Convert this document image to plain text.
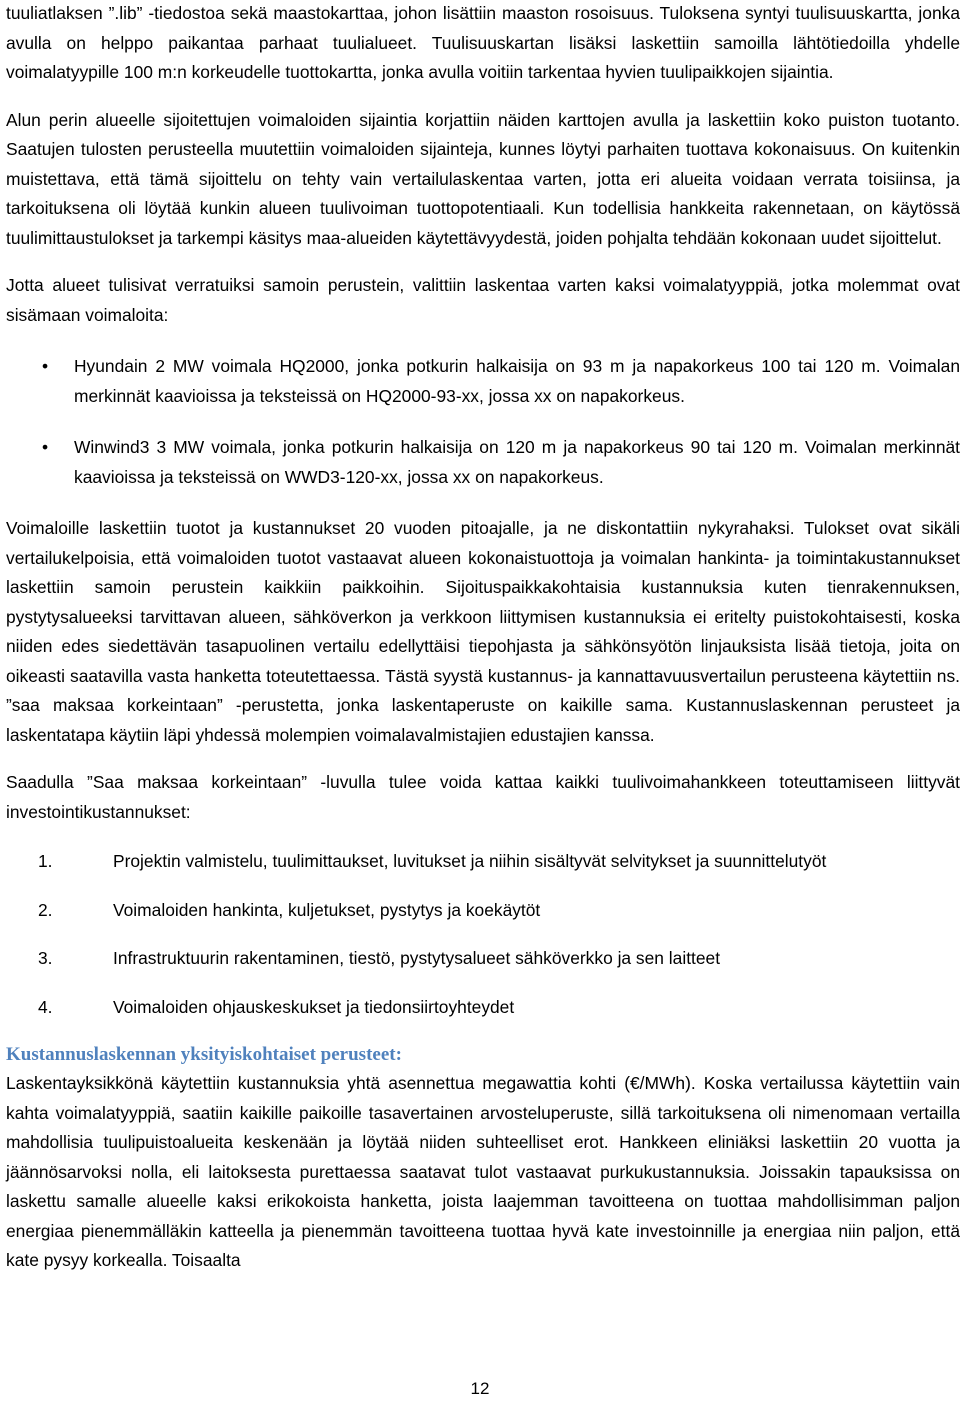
tuuliatlaksen ”.lib” -tiedostoa sekä maastokarttaa, johon lisättiin maaston rosoisuus. Tuloksena syntyi tuulisuuskartta, jonka avulla on helppo paikantaa parhaat tuulialueet. Tuulisuuskartan lisäksi laskettiin samoilla lähtötiedoilla yhdelle voimalatyypille 100 m:n korkeudelle tuottokartta, jonka avulla voitiin tarkentaa hyvien tuulipaikkojen sijaintia.

Alun perin alueelle sijoitettujen voimaloiden sijaintia korjattiin näiden karttojen avulla ja laskettiin koko puiston tuotanto. Saatujen tulosten perusteella muutettiin voimaloiden sijainteja, kunnes löytyi parhaiten tuottava kokonaisuus. On kuitenkin muistettava, että tämä sijoittelu on tehty vain vertailulaskentaa varten, jotta eri alueita voidaan verrata toisiinsa, ja tarkoituksena oli löytää kunkin alueen tuulivoiman tuottopotentiaali. Kun todellisia hankkeita rakennetaan, on käytössä tuulimittaustulokset ja tarkempi käsitys maa-alueiden käytettävyydestä, joiden pohjalta tehdään kokonaan uudet sijoittelut.

Jotta alueet tulisivat verratuiksi samoin perustein, valittiin laskentaa varten kaksi voimalatyyppiä, jotka molemmat ovat sisämaan voimaloita:

•	Hyundain 2 MW voimala HQ2000, jonka potkurin halkaisija on 93 m ja napakorkeus 100 tai 120 m. Voimalan merkinnät kaavioissa ja teksteissä on HQ2000-93-xx, jossa xx on napakorkeus.
•	Winwind3 3 MW voimala, jonka potkurin halkaisija on 120 m ja napakorkeus 90 tai 120 m. Voimalan merkinnät kaavioissa ja teksteissä on WWD3-120-xx, jossa xx on napakorkeus.

Voimaloille laskettiin tuotot ja kustannukset 20 vuoden pitoajalle, ja ne diskontattiin nykyrahaksi. Tulokset ovat sikäli vertailukelpoisia, että voimaloiden tuotot vastaavat alueen kokonaistuottoja ja voimalan hankinta- ja toimintakustannukset laskettiin samoin perustein kaikkiin paikkoihin. Sijoituspaikkakohtaisia kustannuksia kuten tienrakennuksen, pystytysalueeksi tarvittavan alueen, sähköverkon ja verkkoon liittymisen kustannuksia ei eritelty puistokohtaisesti, koska niiden edes siedettävän tasapuolinen vertailu edellyttäisi tiepohjasta ja sähkönsyötön linjauksista lisää tietoja, joita on oikeasti saatavilla vasta hanketta toteutettaessa. Tästä syystä kustannus- ja kannattavuusvertailun perusteena käytettiin ns. ”saa maksaa korkeintaan” -perustetta, jonka laskentaperuste on kaikille sama. Kustannuslaskennan perusteet ja laskentatapa käytiin läpi yhdessä molempien voimalavalmistajien edustajien kanssa.

Saadulla ”Saa maksaa korkeintaan” -luvulla tulee voida kattaa kaikki tuulivoimahankkeen toteuttamiseen liittyvät investointikustannukset:

1.	Projektin valmistelu, tuulimittaukset, luvitukset ja niihin sisältyvät selvitykset ja suunnittelutyöt
2.	Voimaloiden hankinta, kuljetukset, pystytys ja koekäytöt
3.	Infrastruktuurin rakentaminen, tiestö, pystytysalueet sähköverkko ja sen laitteet
4.	Voimaloiden ohjauskeskukset ja tiedonsiirtoyhteydet
Kustannuslaskennan yksityiskohtaiset perusteet:

Laskentayksikkönä käytettiin kustannuksia yhtä asennettua megawattia kohti (€/MWh). Koska vertailussa käytettiin vain kahta voimalatyyppiä, saatiin kaikille paikoille tasavertainen arvosteluperuste, sillä tarkoituksena oli nimenomaan vertailla mahdollisia tuulipuistoalueita keskenään ja löytää niiden suhteelliset erot. Hankkeen eliniäksi laskettiin 20 vuotta ja jäännösarvoksi nolla, eli laitoksesta purettaessa saatavat tulot vastaavat purkukustannuksia. Joissakin tapauksissa on laskettu samalle alueelle kaksi erikokoista hanketta, joista laajemman tavoitteena on tuottaa mahdollisimman paljon energiaa pienemmälläkin katteella ja pienemmän tavoitteena tuottaa hyvä kate investoinnille ja energiaa niin paljon, että kate pysyy korkealla. Toisaalta

12
